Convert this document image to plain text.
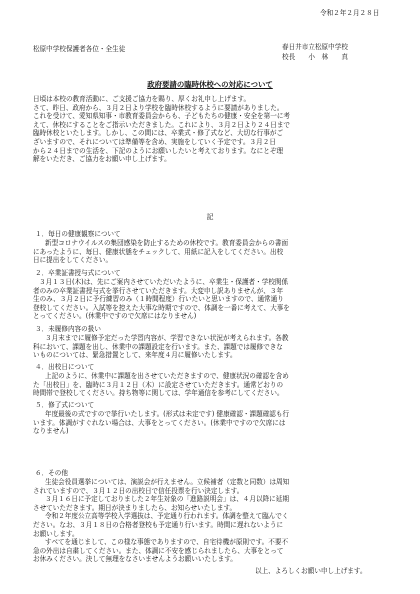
令和２年２月２８日
松原中学校保護者各位・全生徒	春日井市立松原中学校
校長　　小　林　　真
政府要請の臨時休校への対応について
日頃は本校の教育活動に、ご支援ご協力を賜り、厚くお礼申し上げます。
さて、昨日、政府から、３月２日より学校を臨時休校するように要請がありました。
これを受けて、愛知県知事・市教育委員会からも、子どもたちの健康・安全を第一に考
えて、休校にすることをご指示いただきました。これにより、３月２日より２４日まで
臨時休校といたします。しかし、この間には、卒業式・修了式など、大切な行事がご
ざいますので、それについては準備等を含め、実施をしていく予定です。３月２日
から２４日までの生活を、下記のようにお願いしたいと考えております。なにとぞ理
解をいただき、ご協力をお願い申し上げます。
記
１．毎日の健康観察について
新型コロナウイルスの集団感染を防止するための休校です。教育委員会からの書面
にあったように、毎日、健康状態をチェックして、用紙に記入をしてください。出校
日に提出をしてください。
２．卒業証書授与式について
３月１３日(木)は、先にご案内させていただいたように、卒業生・保護者・学校関係
者のみの卒業証書授与式を挙行させていただきます。大変申し訳ありませんが、３年
生のみ、３月２日に予行練習のみ（１時間程度）行いたいと思いますので、通常通り
登校してください。入試等を控えた大事な時期ですので、体調を一番に考えて、大事を
とってください。(休業中ですので欠席にはなりません)
３．未履修内容の扱い
３月末までに履修予定だった学習内容が、学習できない状況が考えられます。各教
科において、課題を出し、休業中の課題設定を行います。また、課題では履修できな
いものについては、緊急措置として、来年度４月に履修いたします。
４．出校日について
上記のように、休業中に課題を出させていただきますので、健康状況の確認を含め
た「出校日」を、臨時に３月１２日（木）に設定させていただきます。通常どおりの
時間帯で登校してください。持ち物等に関しては、学年通信を参考にしてください。
５．修了式について
年度最後の式ですので挙行いたします。(形式は未定です) 健康確認・課題確認も行
います。体調がすぐれない場合は、大事をとってください。(休業中ですので欠席には
なりません)
６．その他
生徒会役員選挙については、演説会が行えません。立候補者（定数と同数）は周知
されていますので、３月１２日の出校日で信任投票を行い決定します。
３月１６日に予定しておりました２年生対象の「進路説明会」は、４月以降に延期
させていただきます。期日が決まりましたら、お知らせいたします。
令和２年度公立高等学校入学選抜は、予定通り行われます。体調を整えて臨んでく
ださい。なお、３月１８日の合格者登校も予定通り行います。時間に遅れないように
お願いします。
すべてを通じまして、この様な事態でありますので、自宅待機が原則です。不要不
急の外出は自粛してください。また、体調に不安を感じられましたら、大事をとって
お休みください。決して無理をなさいませんようお願いいたします。
以上、よろしくお願い申し上げます。
